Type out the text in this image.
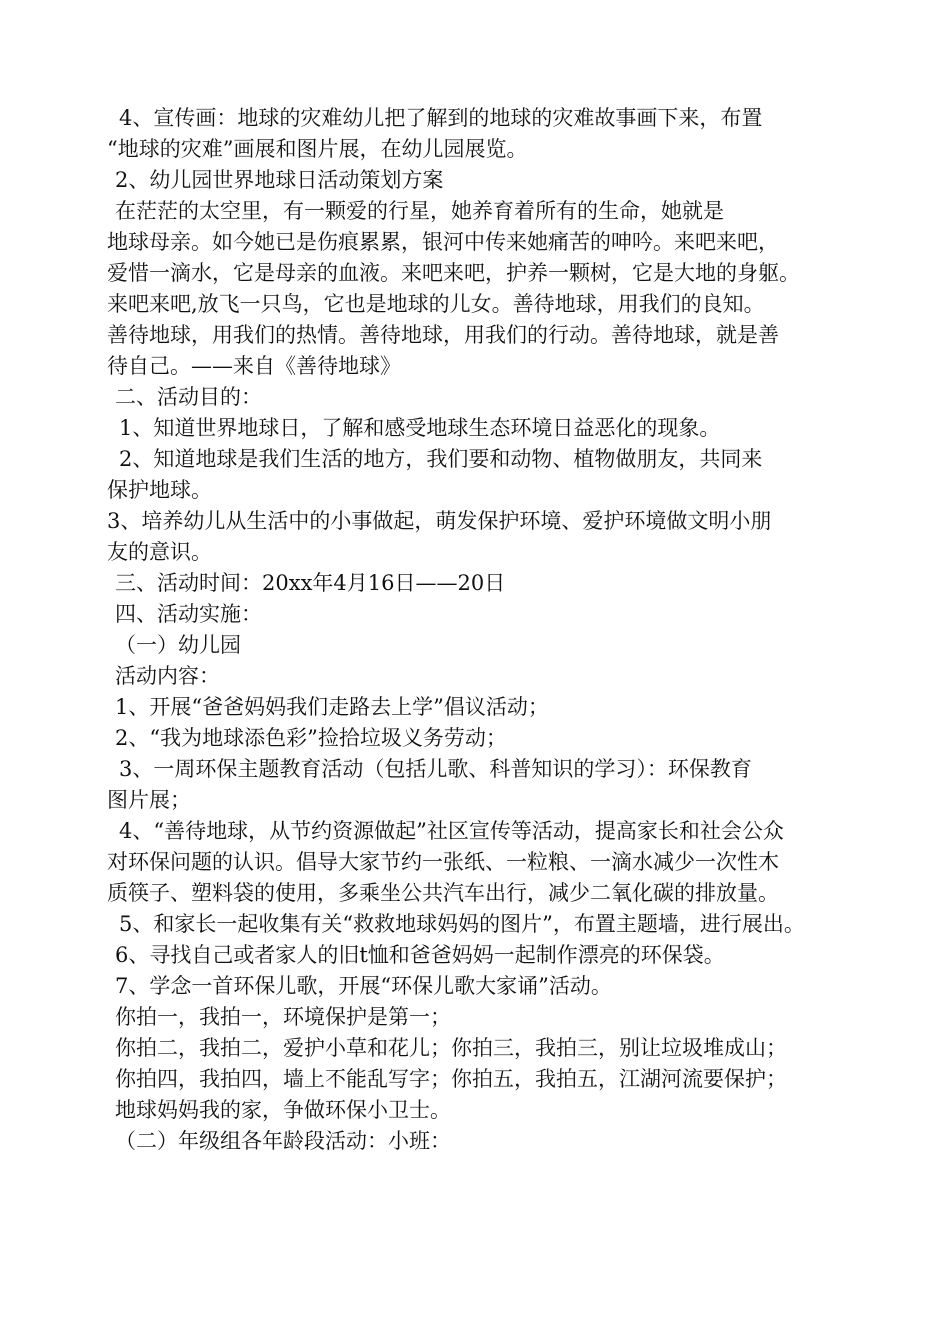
4、宣传画：地球的灾难幼儿把了解到的地球的灾难故事画下来，布置
“地球的灾难”画展和图片展，在幼儿园展览。
2、幼儿园世界地球日活动策划方案
在茫茫的太空里，有一颗爱的行星，她养育着所有的生命，她就是
地球母亲。如今她已是伤痕累累，银河中传来她痛苦的呻吟。来吧来吧，
爱惜一滴水，它是母亲的血液。来吧来吧，护养一颗树，它是大地的身躯。
来吧来吧,放飞一只鸟，它也是地球的儿女。善待地球，用我们的良知。
善待地球，用我们的热情。善待地球，用我们的行动。善待地球，就是善
待自己。——来自《善待地球》
二、活动目的：
1、知道世界地球日，了解和感受地球生态环境日益恶化的现象。
2、知道地球是我们生活的地方，我们要和动物、植物做朋友，共同来
保护地球。
3、培养幼儿从生活中的小事做起，萌发保护环境、爱护环境做文明小朋
友的意识。
三、活动时间：20xx年4月16日——20日
四、活动实施：
（一）幼儿园
活动内容：
1、开展“爸爸妈妈我们走路去上学”倡议活动；
2、“我为地球添色彩”捡拾垃圾义务劳动；
3、一周环保主题教育活动（包括儿歌、科普知识的学习）：环保教育
图片展；
4、“善待地球，从节约资源做起”社区宣传等活动，提高家长和社会公众
对环保问题的认识。倡导大家节约一张纸、一粒粮、一滴水减少一次性木
质筷子、塑料袋的使用，多乘坐公共汽车出行，减少二氧化碳的排放量。
5、和家长一起收集有关“救救地球妈妈的图片”，布置主题墙，进行展出。
6、寻找自己或者家人的旧t恤和爸爸妈妈一起制作漂亮的环保袋。
7、学念一首环保儿歌，开展“环保儿歌大家诵”活动。
你拍一，我拍一，环境保护是第一；
你拍二，我拍二，爱护小草和花儿；你拍三，我拍三，别让垃圾堆成山；
你拍四，我拍四，墙上不能乱写字；你拍五，我拍五，江湖河流要保护；
地球妈妈我的家，争做环保小卫士。
（二）年级组各年龄段活动：小班：
